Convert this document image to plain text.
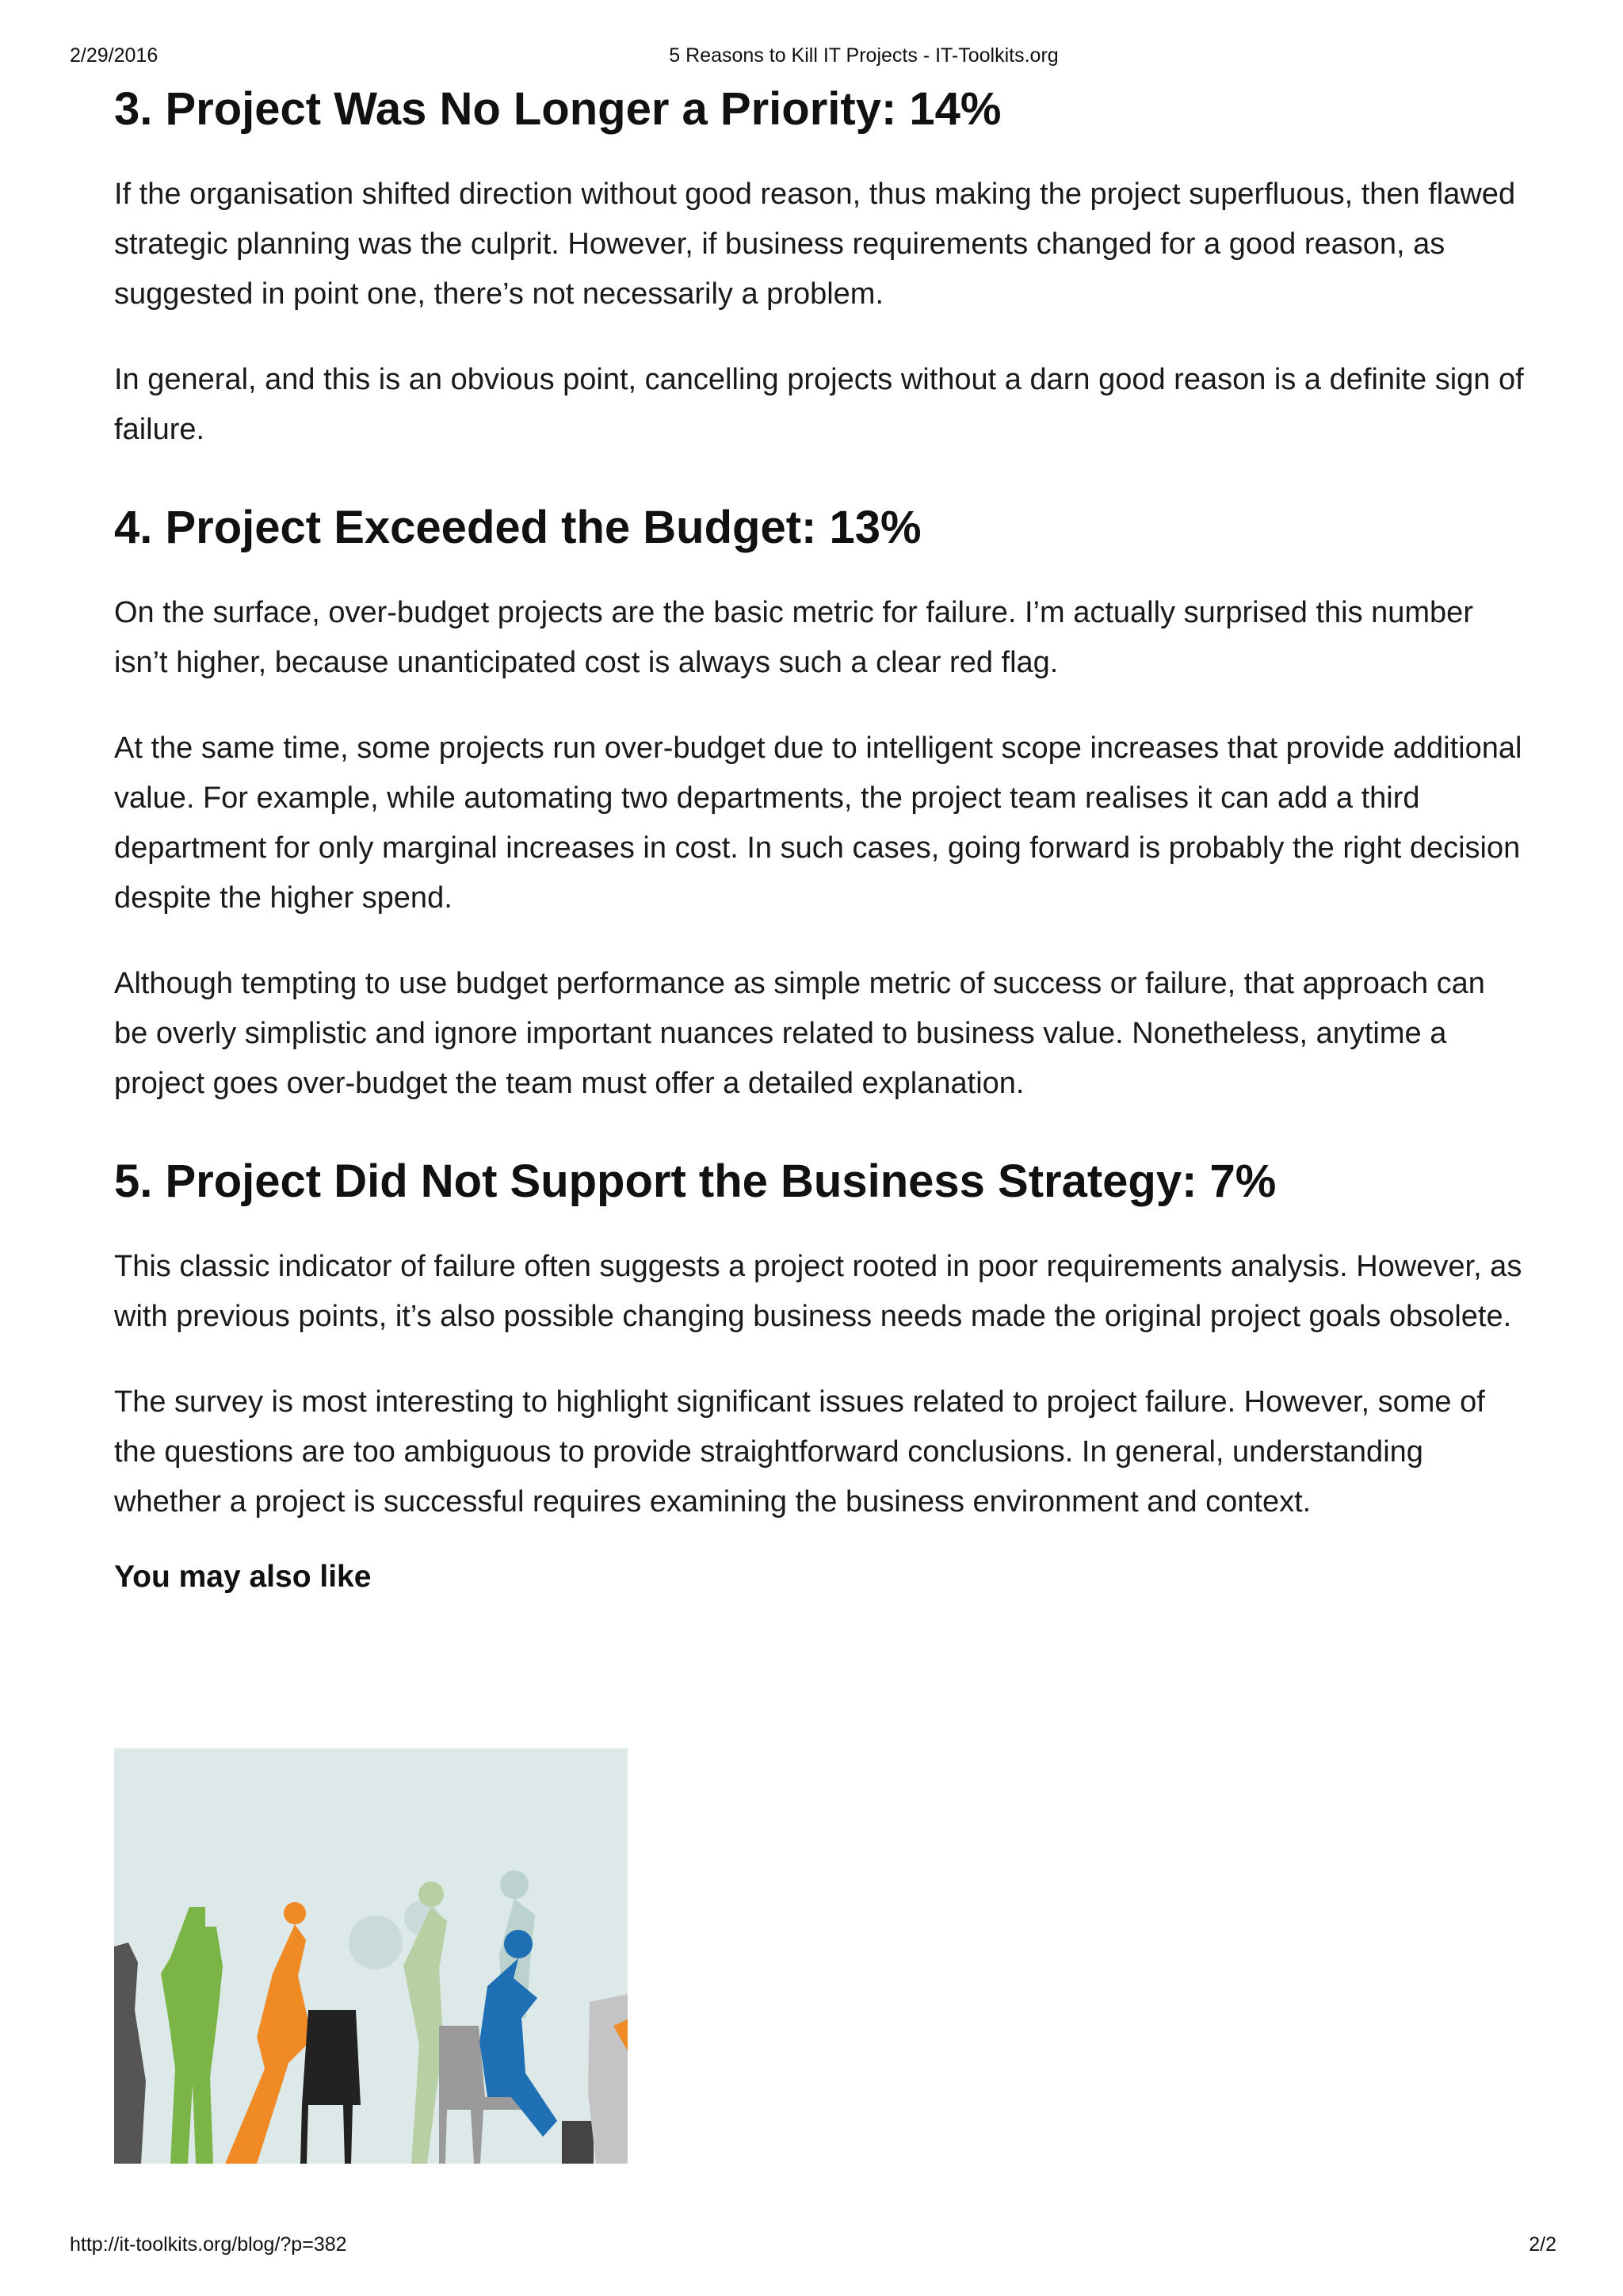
2/29/2016	5 Reasons to Kill IT Projects - IT-Toolkits.org
3. Project Was No Longer a Priority: 14%

If the organisation shifted direction without good reason, thus making the project superfluous, then flawed strategic planning was the culprit. However, if business requirements changed for a good reason, as suggested in point one, there’s not necessarily a problem.

In general, and this is an obvious point, cancelling projects without a darn good reason is a definite sign of failure.

4. Project Exceeded the Budget: 13%

On the surface, over-budget projects are the basic metric for failure. I’m actually surprised this number isn’t higher, because unanticipated cost is always such a clear red flag.

At the same time, some projects run over-budget due to intelligent scope increases that provide additional value. For example, while automating two departments, the project team realises it can add a third department for only marginal increases in cost. In such cases, going forward is probably the right decision despite the higher spend.

Although tempting to use budget performance as simple metric of success or failure, that approach can be overly simplistic and ignore important nuances related to business value. Nonetheless, anytime a project goes over-budget the team must offer a detailed explanation.

5. Project Did Not Support the Business Strategy: 7%

This classic indicator of failure often suggests a project rooted in poor requirements analysis. However, as with previous points, it’s also possible changing business needs made the original project goals obsolete.

The survey is most interesting to highlight significant issues related to project failure. However, some of the questions are too ambiguous to provide straightforward conclusions. In general, understanding whether a project is successful requires examining the business environment and context.

You may also like
http://it-toolkits.org/blog/?p=382	2/2
